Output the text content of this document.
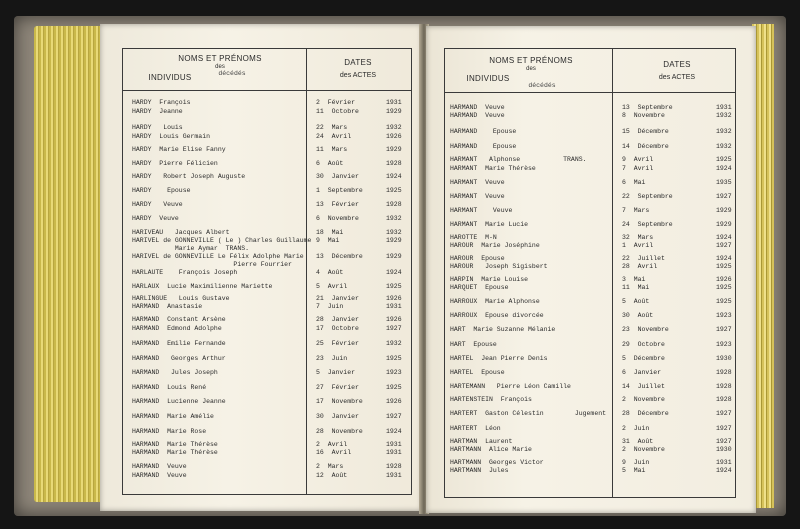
NOMS ET PRÉNOMS
des
INDIVIDUS	décédés
DATES
des ACTES
HARDY  François	2  Février	1931
HARDY  Jeanne	11  Octobre	1929
HARDY   Louis	22  Mars	1932
HARDY  Louis Germain	24  Avril	1926
HARDY  Marie Elise Fanny	11  Mars	1929
HARDY  Pierre Félicien	6  Août	1928
HARDY   Robert Joseph Auguste	30  Janvier	1924
HARDY    Epouse	1  Septembre	1925
HARDY   Veuve	13  Février	1928
HARDY  Veuve	6  Novembre	1932
HARIVEAU   Jacques Albert	18  Mai	1932
HARIVEL de GONNEVILLE ( Le ) Charles Guillaume 9  Mai	1929
Marie Aymar  TRANS.
HARIVEL de GONNEVILLE Le Félix Adolphe Marie 13  Décembre	1929
Pierre Fourrier
HARLAUTE    François Joseph	4  Août	1924
HARLAUX  Lucie Maximilienne Mariette	5  Avril	1925
HARLINGUE   Louis Gustave	21  Janvier	1926
HARMAND  Anastasie	7  Juin	1931
HARMAND  Constant Arsène	28  Janvier	1926
HARMAND  Edmond Adolphe	17  Octobre	1927
HARMAND  Emilie Fernande	25  Février	1932
HARMAND   Georges Arthur	23  Juin	1925
HARMAND   Jules Joseph	5  Janvier	1923
HARMAND  Louis René	27  Février	1925
HARMAND  Lucienne Jeanne	17  Novembre	1926
HARMAND  Marie Amélie	30  Janvier	1927
HARMAND  Marie Rose	28  Novembre	1924
HARMAND  Marie Thérèse	2  Avril	1931
HARMAND  Marie Thérèse	16  Avril	1931
HARMAND  Veuve	2  Mars	1928
HARMAND  Veuve	12  Août	1931
NOMS ET PRÉNOMS
des
INDIVIDUS
décédés
DATES
des ACTES
HARMAND  Veuve	13  Septembre	1931
HARMAND  Veuve	8  Novembre	1932
HARMAND    Epouse	15  Décembre	1932
HARMAND    Epouse	14  Décembre	1932
HARMANT   Alphonse           TRANS.	9  Avril	1925
HARMANT  Marie Thérèse	7  Avril	1924
HARMANT  Veuve	6  Mai	1935
HARMANT  Veuve	22  Septembre	1927
HARMANT    Veuve	7  Mars	1929
HARMANT  Marie Lucie	24  Septembre	1929
HAROTTE  M-N	32  Mars	1924
HAROUR  Marie Joséphine	1  Avril	1927
HAROUR  Epouse	22  Juillet	1924
HAROUR   Joseph Sigisbert	28  Avril	1925
HARPIN  Marie Louise	3  Mai	1926
HARQUET  Epouse	11  Mai	1925
HARROUX  Marie Alphonse	5  Août	1925
HARROUX  Epouse divorcée	30  Août	1923
HART  Marie Suzanne Mélanie	23  Novembre	1927
HART  Epouse	29  Octobre	1923
HARTEL  Jean Pierre Denis	5  Décembre	1930
HARTEL  Epouse	6  Janvier	1928
HARTEMANN   Pierre Léon Camille	14  Juillet	1928
HARTENSTEIN  François	2  Novembre	1928
HARTERT  Gaston Célestin        Jugement 28  Décembre	1927
HARTERT  Léon	2  Juin	1927
HARTMAN  Laurent	31  Août	1927
HARTMANN  Alice Marie	2  Novembre	1930
HARTMANN  Georges Victor	9  Juin	1931
HARTMANN  Jules	5  Mai	1924
